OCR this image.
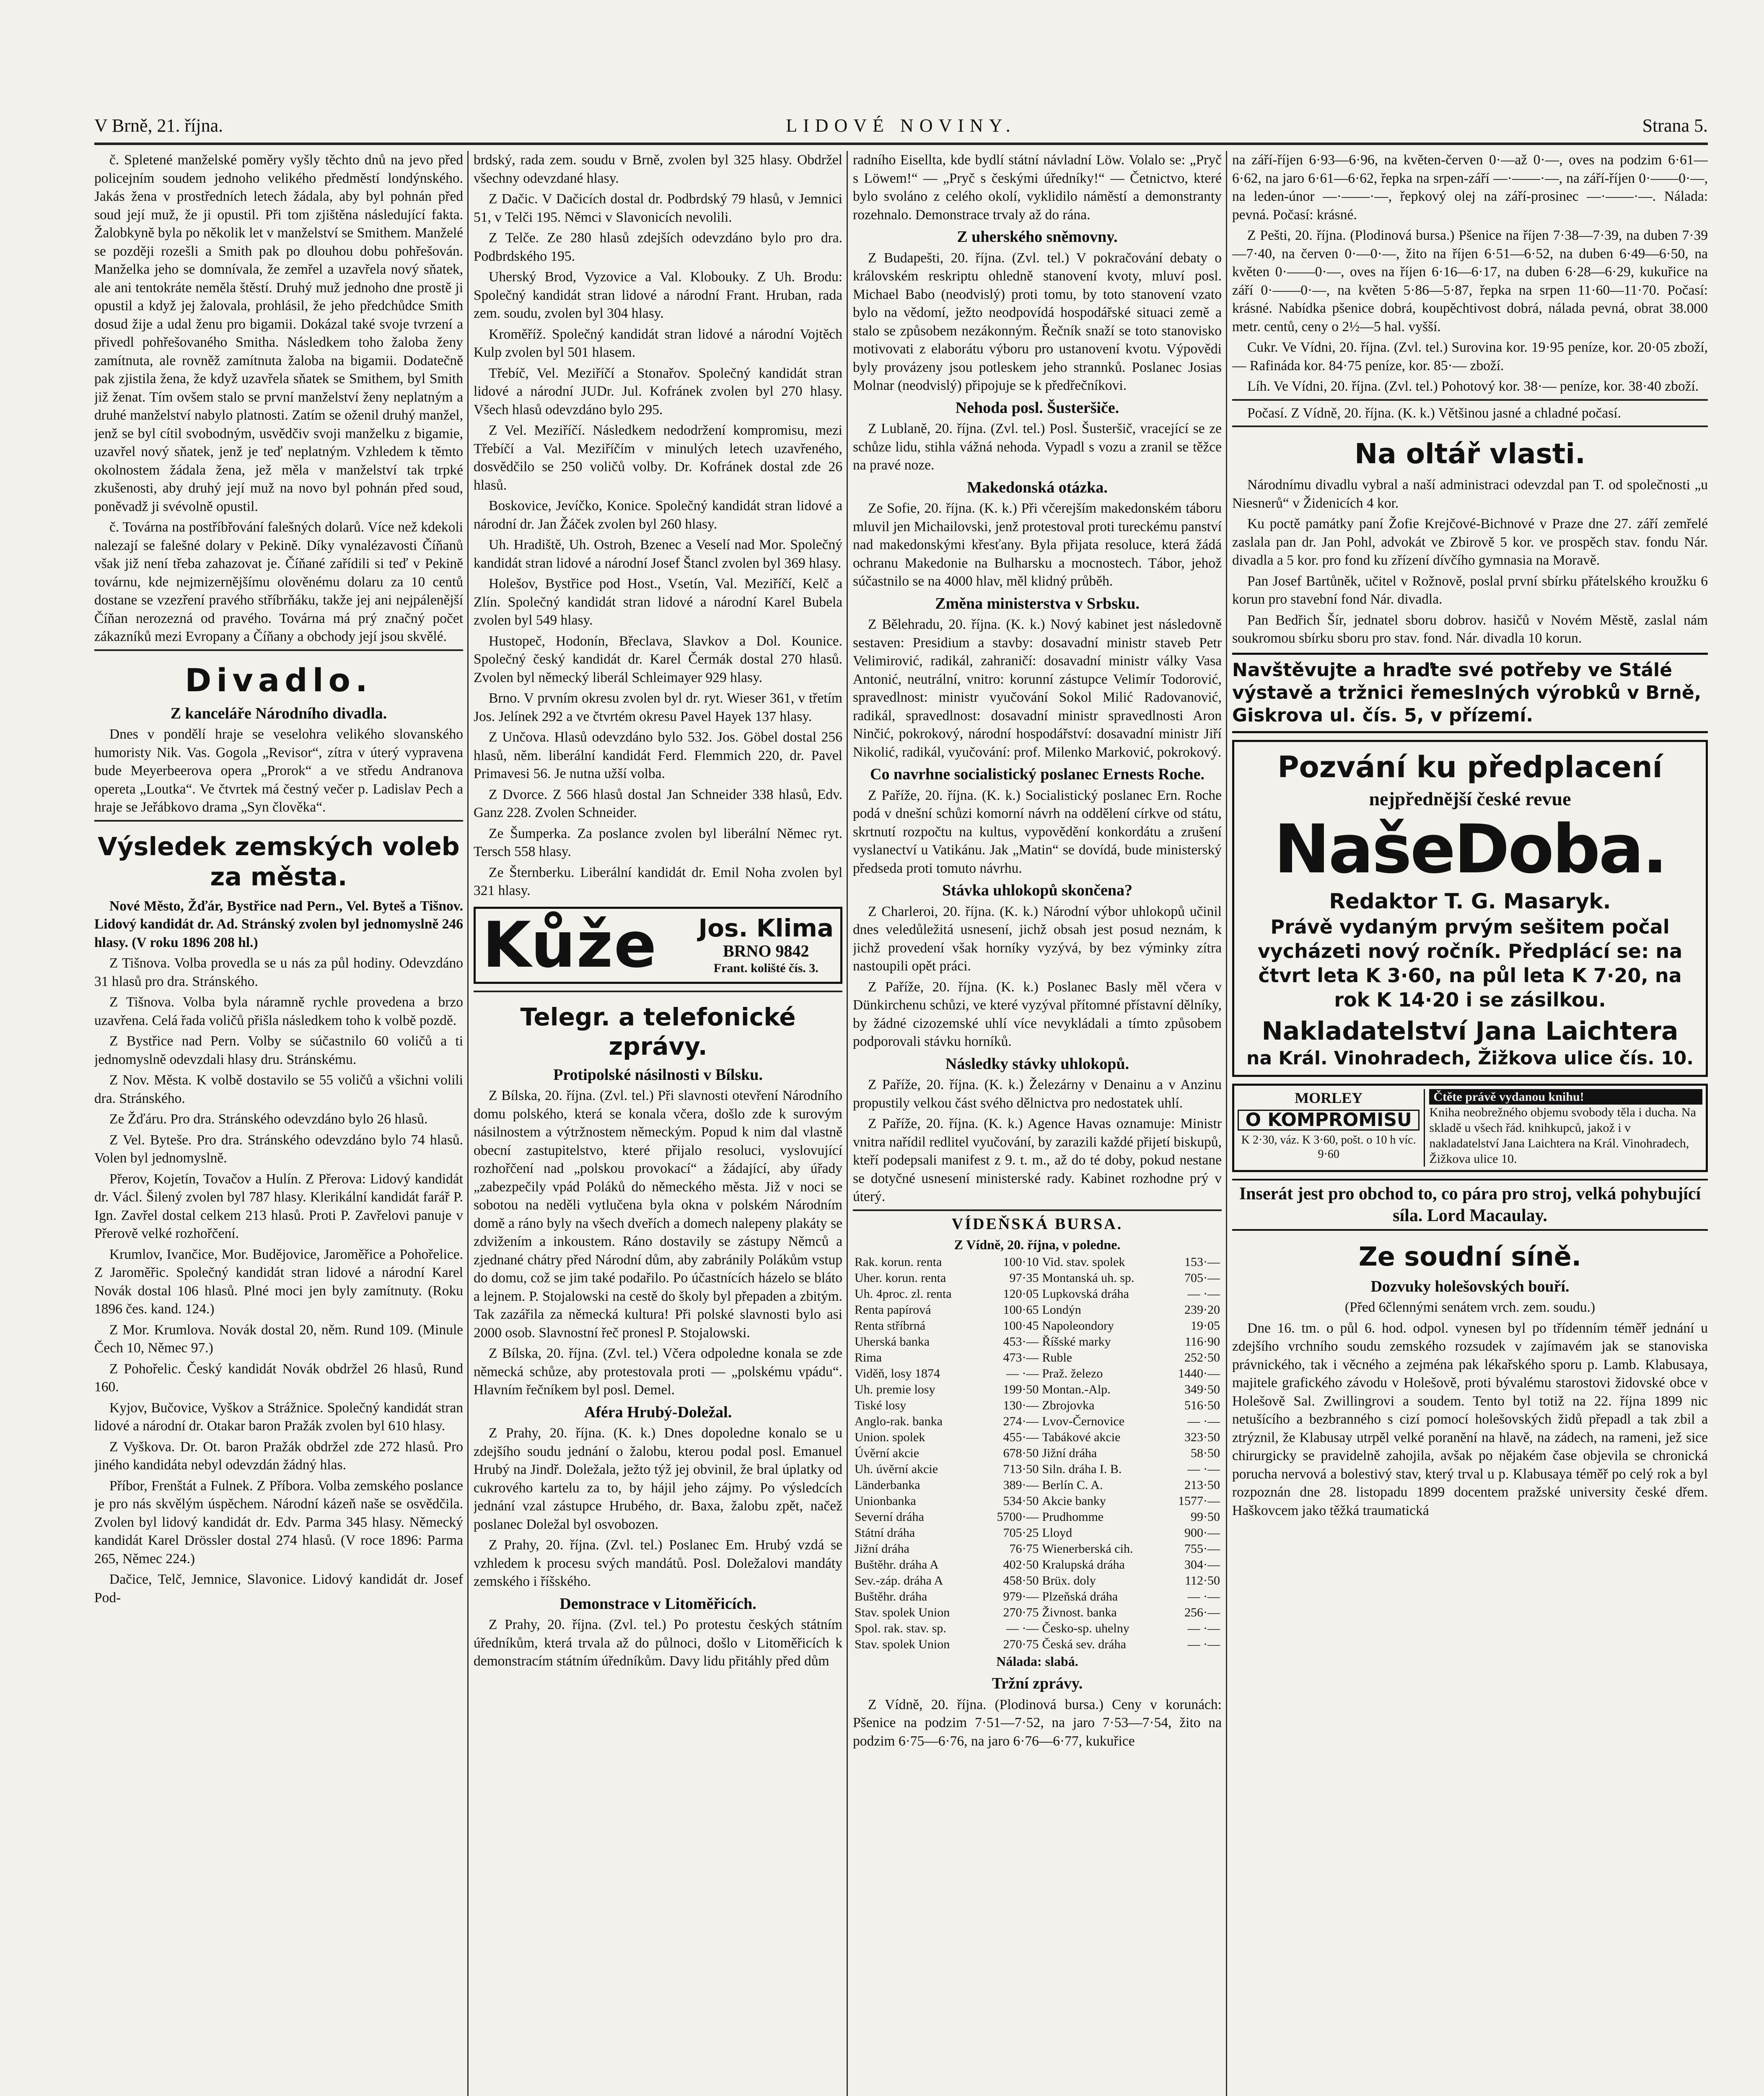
V Brně, 21. října.	LIDOVÉ NOVINY.	Strana 5.

č. Spletené manželské poměry vyšly těchto dnů na jevo před policejním soudem jednoho velikého předměstí londýnského. Jakás žena v prostředních letech žádala, aby byl pohnán před soud její muž, že ji opustil. Při tom zjištěna následující fakta. Žalobkyně byla po několik let v manželství se Smithem. Manželé se později rozešli a Smith pak po dlouhou dobu pohřešován. Manželka jeho se domnívala, že zemřel a uzavřela nový sňatek, ale ani tentokráte neměla štěstí. Druhý muž jednoho dne prostě ji opustil a když jej žalovala, prohlásil, že jeho předchůdce Smith dosud žije a udal ženu pro bigamii. Dokázal také svoje tvrzení a přivedl pohřešovaného Smitha. Následkem toho žaloba ženy zamítnuta, ale rovněž zamítnuta žaloba na bigamii. Dodatečně pak zjistila žena, že když uzavřela sňatek se Smithem, byl Smith již ženat. Tím ovšem stalo se první manželství ženy neplatným a druhé manželství nabylo platnosti. Zatím se oženil druhý manžel, jenž se byl cítil svobodným, usvědčiv svoji manželku z bigamie, uzavřel nový sňatek, jenž je teď neplatným. Vzhledem k těmto okolnostem žádala žena, jež měla v manželství tak trpké zkušenosti, aby druhý její muž na novo byl pohnán před soud, poněvadž ji svévolně opustil.

č. Továrna na postříbřování falešných dolarů. Více než kdekoli nalezají se falešné dolary v Pekině. Díky vynalézavosti Číňanů však již není třeba zahazovat je. Číňané zařídili si teď v Pekině továrnu, kde nejmizernějšímu olověnému dolaru za 10 centů dostane se vzezření pravého stříbrňáku, takže jej ani nejpálenější Číňan nerozezná od pravého. Továrna má prý značný počet zákazníků mezi Evropany a Číňany a obchody její jsou skvělé.

Divadlo.
Z kanceláře Národního divadla.

Dnes v pondělí hraje se veselohra velikého slovanského humoristy Nik. Vas. Gogola „Revisor“, zítra v úterý vypravena bude Meyerbeerova opera „Prorok“ a ve středu Andranova opereta „Loutka“. Ve čtvrtek má čestný večer p. Ladislav Pech a hraje se Jeřábkovo drama „Syn člověka“.

Výsledek zemských voleb za města.

Nové Město, Žďár, Bystřice nad Pern., Vel. Byteš a Tišnov. Lidový kandidát dr. Ad. Stránský zvolen byl jednomyslně 246 hlasy. (V roku 1896 208 hl.)

Z Tišnova. Volba provedla se u nás za půl hodiny. Odevzdáno 31 hlasů pro dra. Stránského.

Z Tišnova. Volba byla náramně rychle provedena a brzo uzavřena. Celá řada voličů přišla následkem toho k volbě pozdě.

Z Bystřice nad Pern. Volby se súčastnilo 60 voličů a ti jednomyslně odevzdali hlasy dru. Stránskému.

Z Nov. Města. K volbě dostavilo se 55 voličů a všichni volili dra. Stránského.

Ze Žďáru. Pro dra. Stránského odevzdáno bylo 26 hlasů.

Z Vel. Byteše. Pro dra. Stránského odevzdáno bylo 74 hlasů. Volen byl jednomyslně.

Přerov, Kojetín, Tovačov a Hulín. Z Přerova: Lidový kandidát dr. Václ. Šilený zvolen byl 787 hlasy. Klerikální kandidát farář P. Ign. Zavřel dostal celkem 213 hlasů. Proti P. Zavřelovi panuje v Přerově velké rozhořčení.

Krumlov, Ivančice, Mor. Budějovice, Jaroměřice a Pohořelice. Z Jaroměřic. Společný kandidát stran lidové a národní Karel Novák dostal 106 hlasů. Plné moci jen byly zamítnuty. (Roku 1896 čes. kand. 124.)

Z Mor. Krumlova. Novák dostal 20, něm. Rund 109. (Minule Čech 10, Němec 97.)

Z Pohořelic. Český kandidát Novák obdržel 26 hlasů, Rund 160.

Kyjov, Bučovice, Vyškov a Strážnice. Společný kandidát stran lidové a národní dr. Otakar baron Pražák zvolen byl 610 hlasy.

Z Vyškova. Dr. Ot. baron Pražák obdržel zde 272 hlasů. Pro jiného kandidáta nebyl odevzdán žádný hlas.

Příbor, Frenštát a Fulnek. Z Příbora. Volba zemského poslance je pro nás skvělým úspěchem. Národní kázeň naše se osvědčila. Zvolen byl lidový kandidát dr. Edv. Parma 345 hlasy. Německý kandidát Karel Drössler dostal 274 hlasů. (V roce 1896: Parma 265, Němec 224.)

Dačice, Telč, Jemnice, Slavonice. Lidový kandidát dr. Josef Pod-

brdský, rada zem. soudu v Brně, zvolen byl 325 hlasy. Obdržel všechny odevzdané hlasy.

Z Dačic. V Dačicích dostal dr. Podbrdský 79 hlasů, v Jemnici 51, v Telči 195. Němci v Slavonicích nevolili.

Z Telče. Ze 280 hlasů zdejších odevzdáno bylo pro dra. Podbrdského 195.

Uherský Brod, Vyzovice a Val. Klobouky. Z Uh. Brodu: Společný kandidát stran lidové a národní Frant. Hruban, rada zem. soudu, zvolen byl 304 hlasy.

Kroměříž. Společný kandidát stran lidové a národní Vojtěch Kulp zvolen byl 501 hlasem.

Třebíč, Vel. Meziříčí a Stonařov. Společný kandidát stran lidové a národní JUDr. Jul. Kofránek zvolen byl 270 hlasy. Všech hlasů odevzdáno bylo 295.

Z Vel. Meziříčí. Následkem nedodržení kompromisu, mezi Třebíčí a Val. Meziříčím v minulých letech uzavřeného, dosvědčilo se 250 voličů volby. Dr. Kofránek dostal zde 26 hlasů.

Boskovice, Jevíčko, Konice. Společný kandidát stran lidové a národní dr. Jan Žáček zvolen byl 260 hlasy.

Uh. Hradiště, Uh. Ostroh, Bzenec a Veselí nad Mor. Společný kandidát stran lidové a národní Josef Štancl zvolen byl 369 hlasy.

Holešov, Bystřice pod Host., Vsetín, Val. Meziříčí, Kelč a Zlín. Společný kandidát stran lidové a národní Karel Bubela zvolen byl 549 hlasy.

Hustopeč, Hodonín, Břeclava, Slavkov a Dol. Kounice. Společný český kandidát dr. Karel Čermák dostal 270 hlasů. Zvolen byl německý liberál Schleimayer 929 hlasy.

Brno. V prvním okresu zvolen byl dr. ryt. Wieser 361, v třetím Jos. Jelínek 292 a ve čtvrtém okresu Pavel Hayek 137 hlasy.

Z Unčova. Hlasů odevzdáno bylo 532. Jos. Göbel dostal 256 hlasů, něm. liberální kandidát Ferd. Flemmich 220, dr. Pavel Primavesi 56. Je nutna užší volba.

Z Dvorce. Z 566 hlasů dostal Jan Schneider 338 hlasů, Edv. Ganz 228. Zvolen Schneider.

Ze Šumperka. Za poslance zvolen byl liberální Němec ryt. Tersch 558 hlasy.

Ze Šternberku. Liberální kandidát dr. Emil Noha zvolen byl 321 hlasy.

Kůže Jos. Klima
BRNO 9842
Frant. kolišté čís. 3.
Telegr. a telefonické zprávy.
Protipolské násilnosti v Bílsku.

Z Bílska, 20. října. (Zvl. tel.) Při slavnosti otevření Národního domu polského, která se konala včera, došlo zde k surovým násilnostem a výtržnostem německým. Popud k nim dal vlastně obecní zastupitelstvo, které přijalo resoluci, vyslovující rozhořčení nad „polskou provokací“ a žádající, aby úřady „zabezpečily vpád Poláků do německého města. Již v noci se sobotou na neděli vytlučena byla okna v polském Národním domě a ráno byly na všech dveřích a domech nalepeny plakáty se zdvižením a inkoustem. Ráno dostavily se zástupy Němců a zjednané chátry před Národní dům, aby zabránily Polákům vstup do domu, což se jim také podařilo. Po účastnících házelo se bláto a lejnem. P. Stojalowski na cestě do školy byl přepaden a zbitým. Tak zazářila za německá kultura! Při polské slavnosti bylo asi 2000 osob. Slavnostní řeč pronesl P. Stojalowski.

Z Bílska, 20. října. (Zvl. tel.) Včera odpoledne konala se zde německá schůze, aby protestovala proti — „polskému vpádu“. Hlavním řečníkem byl posl. Demel.

Aféra Hrubý-Doležal.

Z Prahy, 20. října. (K. k.) Dnes dopoledne konalo se u zdejšího soudu jednání o žalobu, kterou podal posl. Emanuel Hrubý na Jindř. Doležala, ježto týž jej obvinil, že bral úplatky od cukrového kartelu za to, by hájil jeho zájmy. Po výsledcích jednání vzal zástupce Hrubého, dr. Baxa, žalobu zpět, načež poslanec Doležal byl osvobozen.

Z Prahy, 20. října. (Zvl. tel.) Poslanec Em. Hrubý vzdá se vzhledem k procesu svých mandátů. Posl. Doležalovi mandáty zemského i říšského.

Demonstrace v Litoměřicích.

Z Prahy, 20. října. (Zvl. tel.) Po protestu českých státním úředníkům, která trvala až do půlnoci, došlo v Litoměřicích k demonstracím státním úředníkům. Davy lidu přitáhly před dům

radního Eisellta, kde bydlí státní návladní Löw. Volalo se: „Pryč s Löwem!“ — „Pryč s českými úředníky!“ — Četnictvo, které bylo svoláno z celého okolí, vyklidilo náměstí a demonstranty rozehnalo. Demonstrace trvaly až do rána.

Z uherského sněmovny.

Z Budapešti, 20. října. (Zvl. tel.) V pokračování debaty o královském reskriptu ohledně stanovení kvoty, mluví posl. Michael Babo (neodvislý) proti tomu, by toto stanovení vzato bylo na vědomí, ježto neodpovídá hospodářské situaci země a stalo se způsobem nezákonným. Řečník snaží se toto stanovisko motivovati z elaborátu výboru pro ustanovení kvotu. Výpovědi byly provázeny jsou potleskem jeho strannků. Poslanec Josias Molnar (neodvislý) připojuje se k předřečníkovi.

Nehoda posl. Šusteršiče.

Z Lublaně, 20. října. (Zvl. tel.) Posl. Šusteršič, vracející se ze schůze lidu, stihla vážná nehoda. Vypadl s vozu a zranil se těžce na pravé noze.

Makedonská otázka.

Ze Sofie, 20. října. (K. k.) Při včerejším makedonském táboru mluvil jen Michailovski, jenž protestoval proti tureckému panství nad makedonskými křesťany. Byla přijata resoluce, která žádá ochranu Makedonie na Bulharsku a mocnostech. Tábor, jehož súčastnilo se na 4000 hlav, měl klidný průběh.

Změna ministerstva v Srbsku.

Z Bělehradu, 20. října. (K. k.) Nový kabinet jest následovně sestaven: Presidium a stavby: dosavadní ministr staveb Petr Velimirović, radikál, zahraničí: dosavadní ministr války Vasa Antonić, neutrální, vnitro: korunní zástupce Velimír Todorović, spravedlnost: ministr vyučování Sokol Milić Radovanović, radikál, spravedlnost: dosavadní ministr spravedlnosti Aron Ninčić, pokrokový, národní hospodářství: dosavadní ministr Jiří Nikolić, radikál, vyučování: prof. Milenko Marković, pokrokový.

Co navrhne socialistický poslanec Ernests Roche.

Z Paříže, 20. října. (K. k.) Socialistický poslanec Ern. Roche podá v dnešní schůzi komorní návrh na oddělení církve od státu, skrtnutí rozpočtu na kultus, vypovědění konkordátu a zrušení vyslanectví u Vatikánu. Jak „Matin“ se dovídá, bude ministerský předseda proti tomuto návrhu.

Stávka uhlokopů skončena?

Z Charleroi, 20. října. (K. k.) Národní výbor uhlokopů učinil dnes veledůležitá usnesení, jichž obsah jest posud neznám, k jichž provedení však horníky vyzývá, by bez výminky zítra nastoupili opět práci.

Z Paříže, 20. října. (K. k.) Poslanec Basly měl včera v Dünkirchenu schůzi, ve které vyzýval přítomné přístavní dělníky, by žádné cizozemské uhlí více nevykládali a tímto způsobem podporovali stávku horníků.

Následky stávky uhlokopů.

Z Paříže, 20. října. (K. k.) Železárny v Denainu a v Anzinu propustily velkou část svého dělnictva pro nedostatek uhlí.

Z Paříže, 20. října. (K. k.) Agence Havas oznamuje: Ministr vnitra nařídil redlitel vyučování, by zarazili každé přijetí biskupů, kteří podepsali manifest z 9. t. m., až do té doby, pokud nestane se dotyčné usnesení ministerské rady. Kabinet rozhodne prý v úterý.

VÍDEŇSKÁ BURSA.
Z Vídně, 20. října, v poledne.
Rak. korun. renta	100·10	Vid. stav. spolek	153·—
Uher. korun. renta	97·35	Montanská uh. sp.	705·—
Uh. 4proc. zl. renta	120·05	Lupkovská dráha	— ·—
Renta papírová	100·65	Londýn	239·20
Renta stříbrná	100·45	Napoleondory	19·05
Uherská banka	453·—	Říšské marky	116·90
Rima	473·—	Ruble	252·50
Viděň, losy 1874	— ·—	Praž. železo	1440·—
Uh. premie losy	199·50	Montan.-Alp.	349·50
Tiské losy	130·—	Zbrojovka	516·50
Anglo-rak. banka	274·—	Lvov-Černovice	— ·—
Union. spolek	455·—	Tabákové akcie	323·50
Úvěrní akcie	678·50	Jižní dráha	58·50
Uh. úvěrní akcie	713·50	Siln. dráha I. B.	— ·—
Länderbanka	389·—	Berlín C. A.	213·50
Unionbanka	534·50	Akcie banky	1577·—
Severní dráha	5700·—	Prudhomme	99·50
Státní dráha	705·25	Lloyd	900·—
Jižní dráha	76·75	Wienerberská cih.	755·—
Buštěhr. dráha A	402·50	Kralupská dráha	304·—
Sev.-záp. dráha A	458·50	Brüx. doly	112·50
Buštěhr. dráha	979·—	Plzeňská dráha	— ·—
Stav. spolek Union	270·75	Živnost. banka	256·—
Spol. rak. stav. sp.	— ·—	Česko-sp. uhelny	— ·—
Stav. spolek Union	270·75	Česká sev. dráha	— ·—
Nálada: slabá.
Tržní zprávy.

Z Vídně, 20. října. (Plodinová bursa.) Ceny v korunách: Pšenice na podzim 7·51—7·52, na jaro 7·53—7·54, žito na podzim 6·75—6·76, na jaro 6·76—6·77, kukuřice

na září-říjen 6·93—6·96, na květen-červen 0·—až 0·—, oves na podzim 6·61—6·62, na jaro 6·61—6·62, řepka na srpen-září —·——·—, na září-říjen 0·——0·—, na leden-únor —·——·—, řepkový olej na září-prosinec —·——·—. Nálada: pevná. Počasí: krásné.

Z Pešti, 20. října. (Plodinová bursa.) Pšenice na říjen 7·38—7·39, na duben 7·39—7·40, na červen 0·—0·—, žito na říjen 6·51—6·52, na duben 6·49—6·50, na květen 0·——0·—, oves na říjen 6·16—6·17, na duben 6·28—6·29, kukuřice na září 0·——0·—, na květen 5·86—5·87, řepka na srpen 11·60—11·70. Počasí: krásné. Nabídka pšenice dobrá, koupěchtivost dobrá, nálada pevná, obrat 38.000 metr. centů, ceny o 2½—5 hal. vyšší.

Cukr. Ve Vídni, 20. října. (Zvl. tel.) Surovina kor. 19·95 peníze, kor. 20·05 zboží, — Rafináda kor. 84·75 peníze, kor. 85·— zboží.

Líh. Ve Vídni, 20. října. (Zvl. tel.) Pohotový kor. 38·— peníze, kor. 38·40 zboží.

Počasí. Z Vídně, 20. října. (K. k.) Většinou jasné a chladné počasí.

Na oltář vlasti.

Národnímu divadlu vybral a naší administraci odevzdal pan T. od společnosti „u Niesnerů“ v Židenicích 4 kor.

Ku poctě památky paní Žofie Krejčové-Bichnové v Praze dne 27. září zemřelé zaslala pan dr. Jan Pohl, advokát ve Zbirově 5 kor. ve prospěch stav. fondu Nár. divadla a 5 kor. pro fond ku zřízení dívčího gymnasia na Moravě.

Pan Josef Bartůněk, učitel v Rožnově, poslal první sbírku přátelského kroužku 6 korun pro stavební fond Nár. divadla.

Pan Bedřich Šír, jednatel sboru dobrov. hasičů v Novém Městě, zaslal nám soukromou sbírku sboru pro stav. fond. Nár. divadla 10 korun.

Navštěvujte a hraďte své potřeby ve Stálé výstavě a tržnici řemeslných výrobků v Brně, Giskrova ul. čís. 5, v přízemí.
Pozvání ku předplacení
nejpřednější české revue
NašeDoba.
Redaktor T. G. Masaryk.
Právě vydaným prvým sešitem počal vycházeti nový ročník. Předplácí se: na čtvrt leta K 3·60, na půl leta K 7·20, na rok K 14·20 i se zásilkou.
Nakladatelství Jana Laichtera
na Král. Vinohradech, Žižkova ulice čís. 10.
MORLEY
O KOMPROMISU
K 2·30, váz. K 3·60, pošt. o 10 h víc. 9·60
Čtěte právě vydanou knihu!
Kniha neobrežného objemu svobody těla i ducha. Na skladě u všech řád. knihkupců, jakož i v nakladatelství Jana Laichtera na Král. Vinohradech, Žižkova ulice 10.
Inserát jest pro obchod to, co pára pro stroj, velká pohybující síla. Lord Macaulay.
Ze soudní síně.
Dozvuky holešovských bouří.

(Před 6člennými senátem vrch. zem. soudu.)

Dne 16. tm. o půl 6. hod. odpol. vynesen byl po třídenním téměř jednání u zdejšího vrchního soudu zemského rozsudek v zajímavém jak se stanoviska právnického, tak i věcného a zejména pak lékařského sporu p. Lamb. Klabusaya, majitele grafického závodu v Holešově, proti bývalému starostovi židovské obce v Holešově Sal. Zwillingrovi a soudem. Tento byl totiž na 22. října 1899 nic netušícího a bezbranného s cizí pomocí holešovských židů přepadl a tak zbil a ztrýznil, že Klabusay utrpěl velké poranění na hlavě, na zádech, na rameni, jež sice chirurgicky se pravidelně zahojila, avšak po nějakém čase objevila se chronická porucha nervová a bolestivý stav, který trval u p. Klabusaya téměř po celý rok a byl rozpoznán dne 28. listopadu 1899 docentem pražské university české dřem. Haškovcem jako těžká traumatická
